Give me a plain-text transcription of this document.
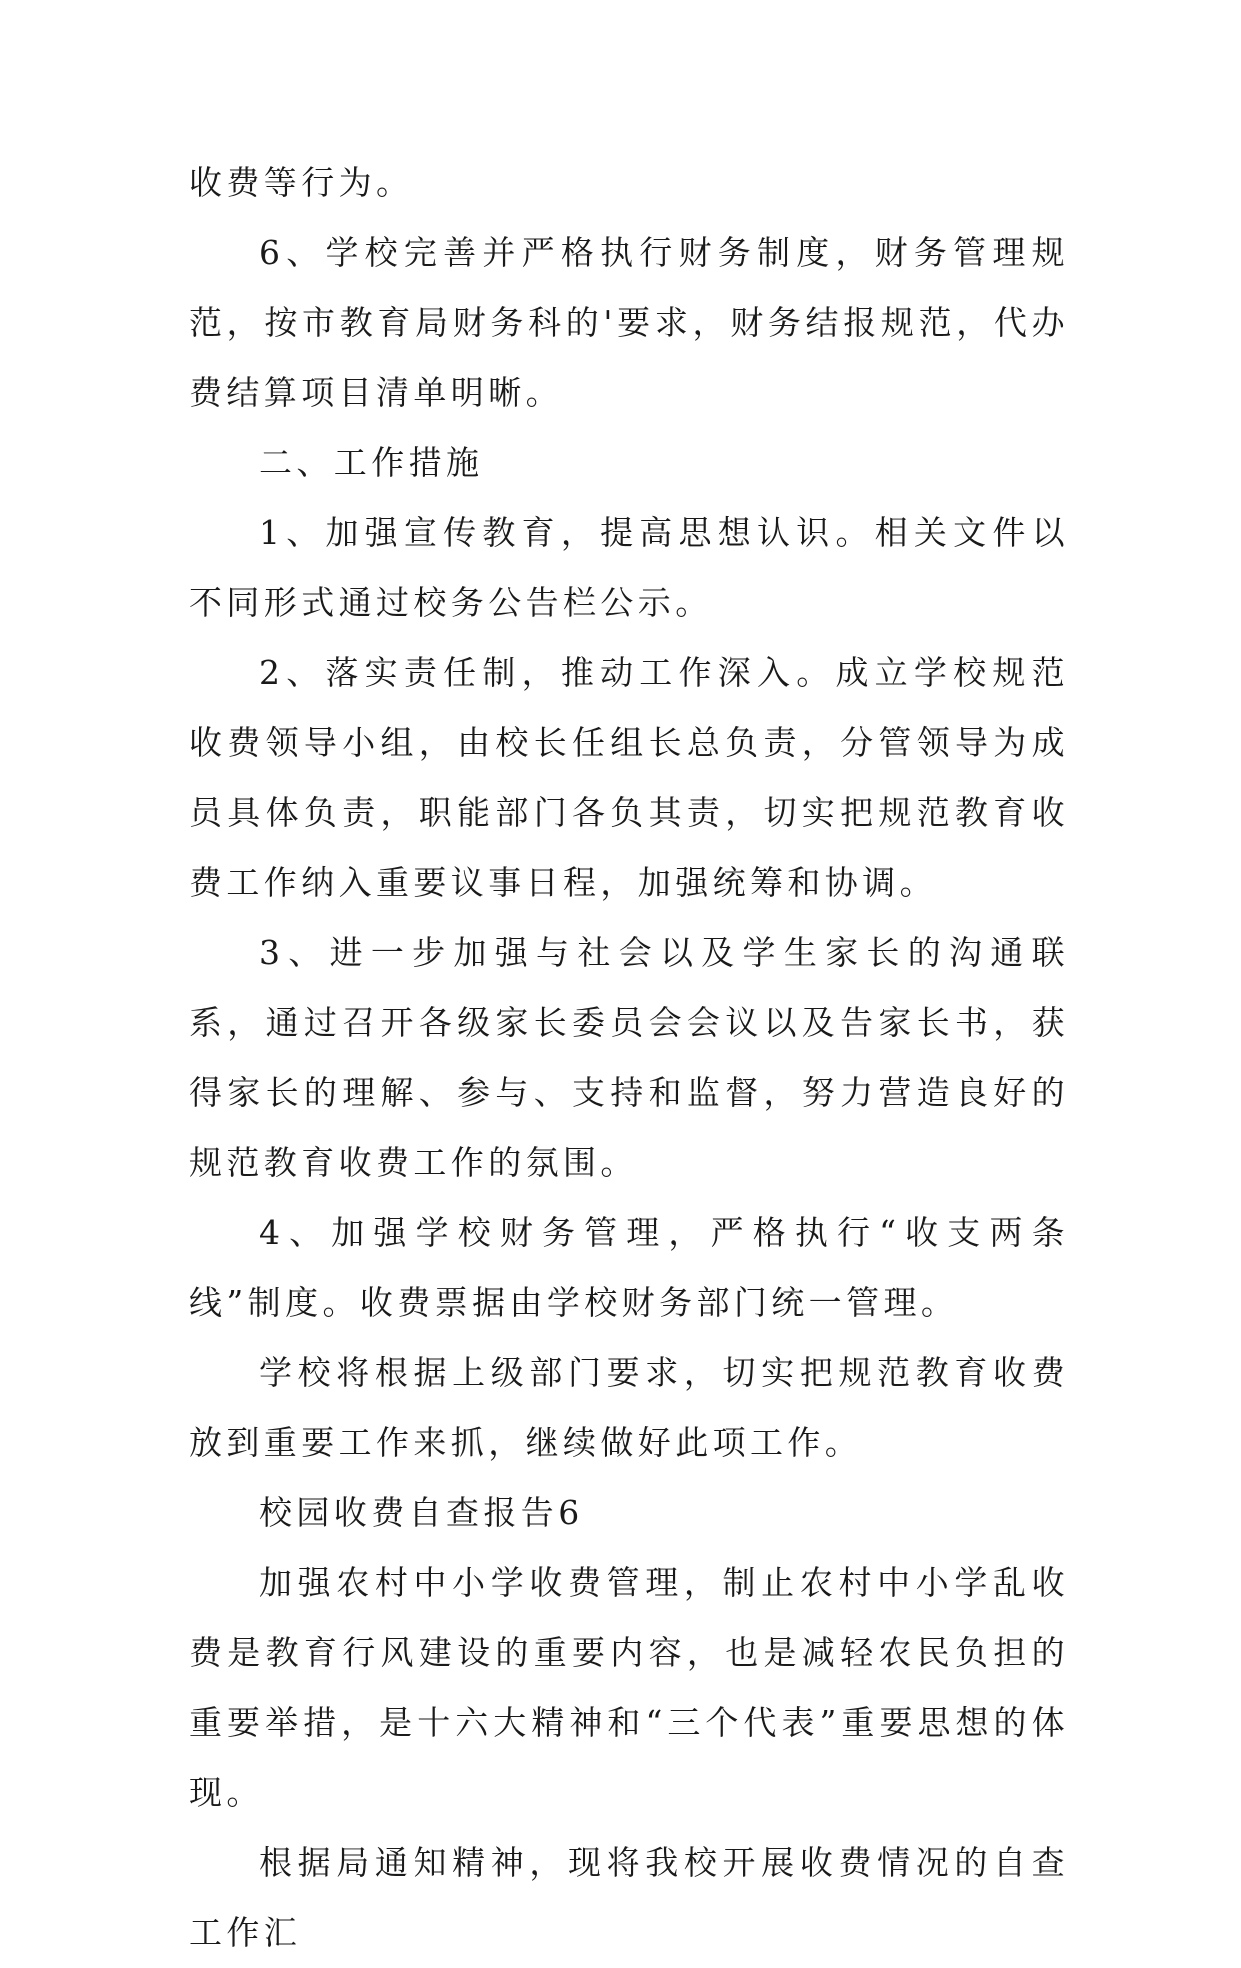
收费等行为。

6、学校完善并严格执行财务制度，财务管理规范，按市教育局财务科的'要求，财务结报规范，代办费结算项目清单明晰。

二、工作措施

1、加强宣传教育，提高思想认识。相关文件以不同形式通过校务公告栏公示。

2、落实责任制，推动工作深入。成立学校规范收费领导小组，由校长任组长总负责，分管领导为成员具体负责，职能部门各负其责，切实把规范教育收费工作纳入重要议事日程，加强统筹和协调。

3、进一步加强与社会以及学生家长的沟通联系，通过召开各级家长委员会会议以及告家长书，获得家长的理解、参与、支持和监督，努力营造良好的规范教育收费工作的氛围。

4、加强学校财务管理，严格执行“收支两条线”制度。收费票据由学校财务部门统一管理。

学校将根据上级部门要求，切实把规范教育收费放到重要工作来抓，继续做好此项工作。

校园收费自查报告6

加强农村中小学收费管理，制止农村中小学乱收费是教育行风建设的重要内容，也是减轻农民负担的重要举措，是十六大精神和“三个代表”重要思想的体现。

根据局通知精神，现将我校开展收费情况的自查工作汇
